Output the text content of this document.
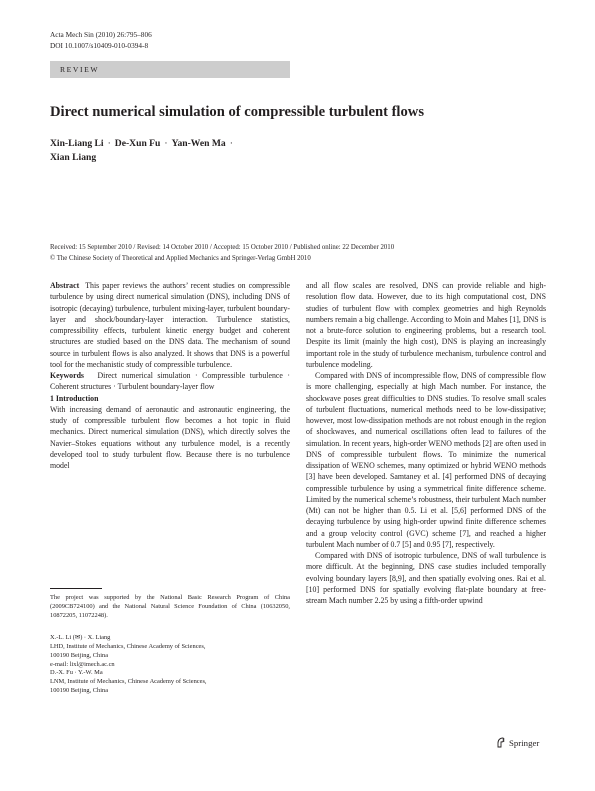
Acta Mech Sin (2010) 26:795–806
DOI 10.1007/s10409-010-0394-8
REVIEW
Direct numerical simulation of compressible turbulent flows
Xin-Liang Li · De-Xun Fu · Yan-Wen Ma ·
Xian Liang
Received: 15 September 2010 / Revised: 14 October 2010 / Accepted: 15 October 2010 / Published online: 22 December 2010
© The Chinese Society of Theoretical and Applied Mechanics and Springer-Verlag GmbH 2010

Abstract This paper reviews the authors’ recent studies on compressible turbulence by using direct numerical simulation (DNS), including DNS of isotropic (decaying) turbulence, turbulent mixing-layer, turbulent boundary-layer and shock/boundary-layer interaction. Turbulence statistics, compressibility effects, turbulent kinetic energy budget and coherent structures are studied based on the DNS data. The mechanism of sound source in turbulent flows is also analyzed. It shows that DNS is a powerful tool for the mechanistic study of compressible turbulence.

Keywords Direct numerical simulation · Compressible turbulence · Coherent structures · Turbulent boundary-layer flow

1 Introduction

With increasing demand of aeronautic and astronautic engineering, the study of compressible turbulent flow becomes a hot topic in fluid mechanics. Direct numerical simulation (DNS), which directly solves the Navier–Stokes equations without any turbulence model, is a recently developed tool to study turbulent flow. Because there is no turbulence model

and all flow scales are resolved, DNS can provide reliable and high-resolution flow data. However, due to its high computational cost, DNS studies of turbulent flow with complex geometries and high Reynolds numbers remain a big challenge. According to Moin and Mahes [1], DNS is not a brute-force solution to engineering problems, but a research tool. Despite its limit (mainly the high cost), DNS is playing an increasingly important role in the study of turbulence mechanism, turbulence control and turbulence modeling.

Compared with DNS of incompressible flow, DNS of compressible flow is more challenging, especially at high Mach number. For instance, the shockwave poses great difficulties to DNS studies. To resolve small scales of turbulent fluctuations, numerical methods need to be low-dissipative; however, most low-dissipation methods are not robust enough in the region of shockwaves, and numerical oscillations often lead to failures of the simulation. In recent years, high-order WENO methods [2] are often used in DNS of compressible turbulent flows. To minimize the numerical dissipation of WENO schemes, many optimized or hybrid WENO methods [3] have been developed. Samtaney et al. [4] performed DNS of decaying compressible turbulence by using a symmetrical finite difference scheme. Limited by the numerical scheme’s robustness, their turbulent Mach number (Mt) can not be higher than 0.5. Li et al. [5,6] performed DNS of the decaying turbulence by using high-order upwind finite difference schemes and a group velocity control (GVC) scheme [7], and reached a higher turbulent Mach number of 0.7 [5] and 0.95 [7], respectively.

Compared with DNS of isotropic turbulence, DNS of wall turbulence is more difficult. At the beginning, DNS case studies included temporally evolving boundary layers [8,9], and then spatially evolving ones. Rai et al. [10] performed DNS for spatially evolving flat-plate boundary at free-stream Mach number 2.25 by using a fifth-order upwind

The project was supported by the National Basic Research Program of China (2009CB724100) and the National Natural Science Foundation of China (10632050, 10872205, 11072248).

X.-L. Li (✉) · X. Liang

LHD, Institute of Mechanics, Chinese Academy of Sciences,

100190 Beijing, China

e-mail: lixl@imech.ac.cn

D.-X. Fu · Y.-W. Ma

LNM, Institute of Mechanics, Chinese Academy of Sciences,

100190 Beijing, China

Springer
